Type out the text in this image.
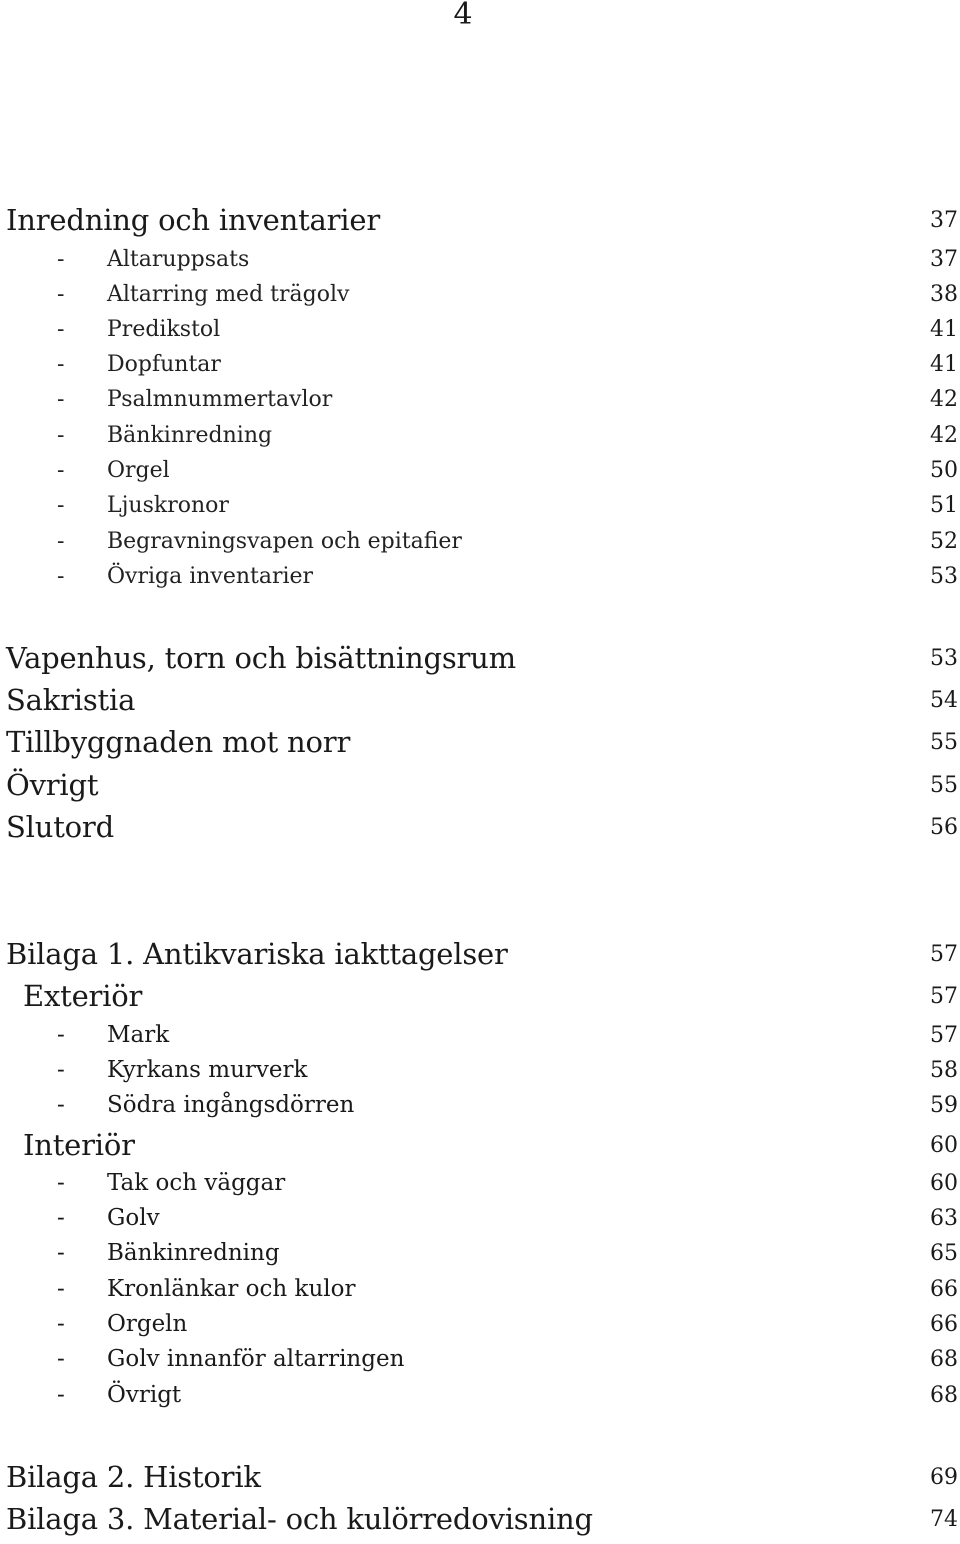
4
Inredning och inventarier	37
-	Altaruppsats	37
-	Altarring med trägolv	38
-	Predikstol	41
-	Dopfuntar	41
-	Psalmnummertavlor	42
-	Bänkinredning	42
-	Orgel	50
-	Ljuskronor	51
-	Begravningsvapen och epitafier	52
-	Övriga inventarier	53
Vapenhus, torn och bisättningsrum	53
Sakristia	54
Tillbyggnaden mot norr	55
Övrigt	55
Slutord	56
Bilaga 1. Antikvariska iakttagelser	57
Exteriör	57
-	Mark	57
-	Kyrkans murverk	58
-	Södra ingångsdörren	59
Interiör	60
-	Tak och väggar	60
-	Golv	63
-	Bänkinredning	65
-	Kronlänkar och kulor	66
-	Orgeln	66
-	Golv innanför altarringen	68
-	Övrigt	68
Bilaga 2. Historik	69
Bilaga 3. Material- och kulörredovisning	74
